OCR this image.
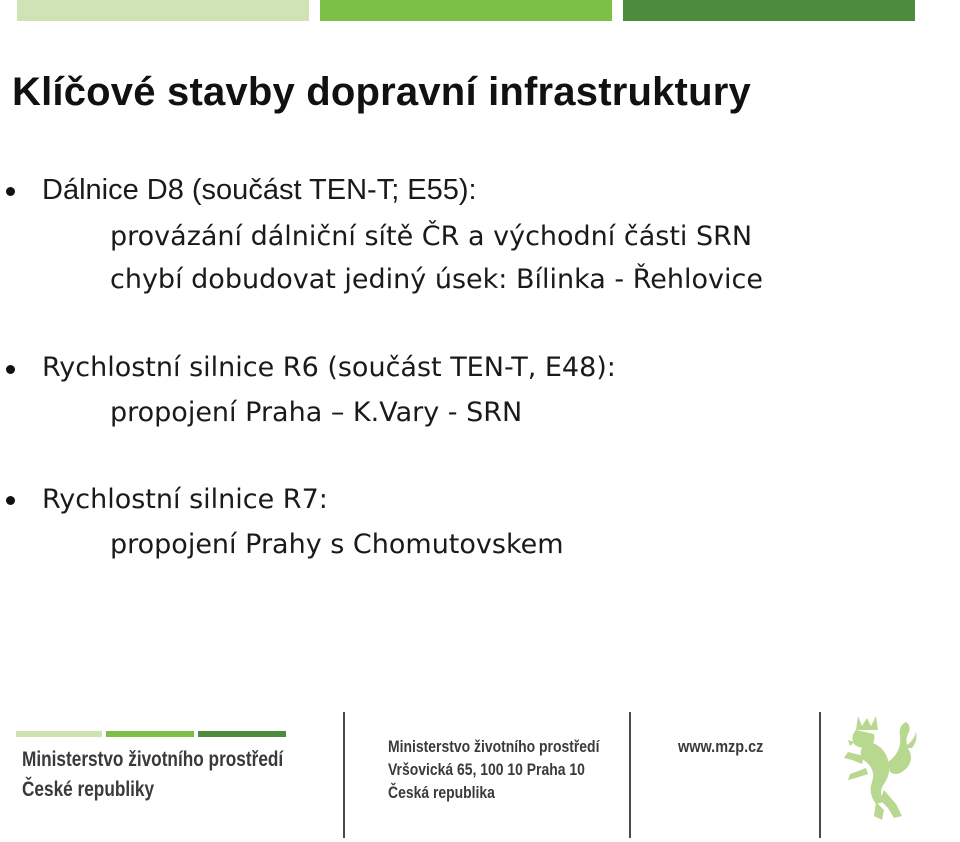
Klíčové stavby dopravní infrastruktury
Dálnice D8 (součást TEN-T; E55):
provázání dálniční sítě ČR a východní části SRN
chybí dobudovat jediný úsek: Bílinka - Řehlovice
Rychlostní silnice R6 (součást TEN-T, E48):
propojení Praha – K.Vary - SRN
Rychlostní silnice R7:
propojení Prahy s Chomutovskem
Ministerstvo životního prostředí
České republiky
Ministerstvo životního prostředí
Vršovická 65, 100 10 Praha 10
Česká republika
www.mzp.cz
